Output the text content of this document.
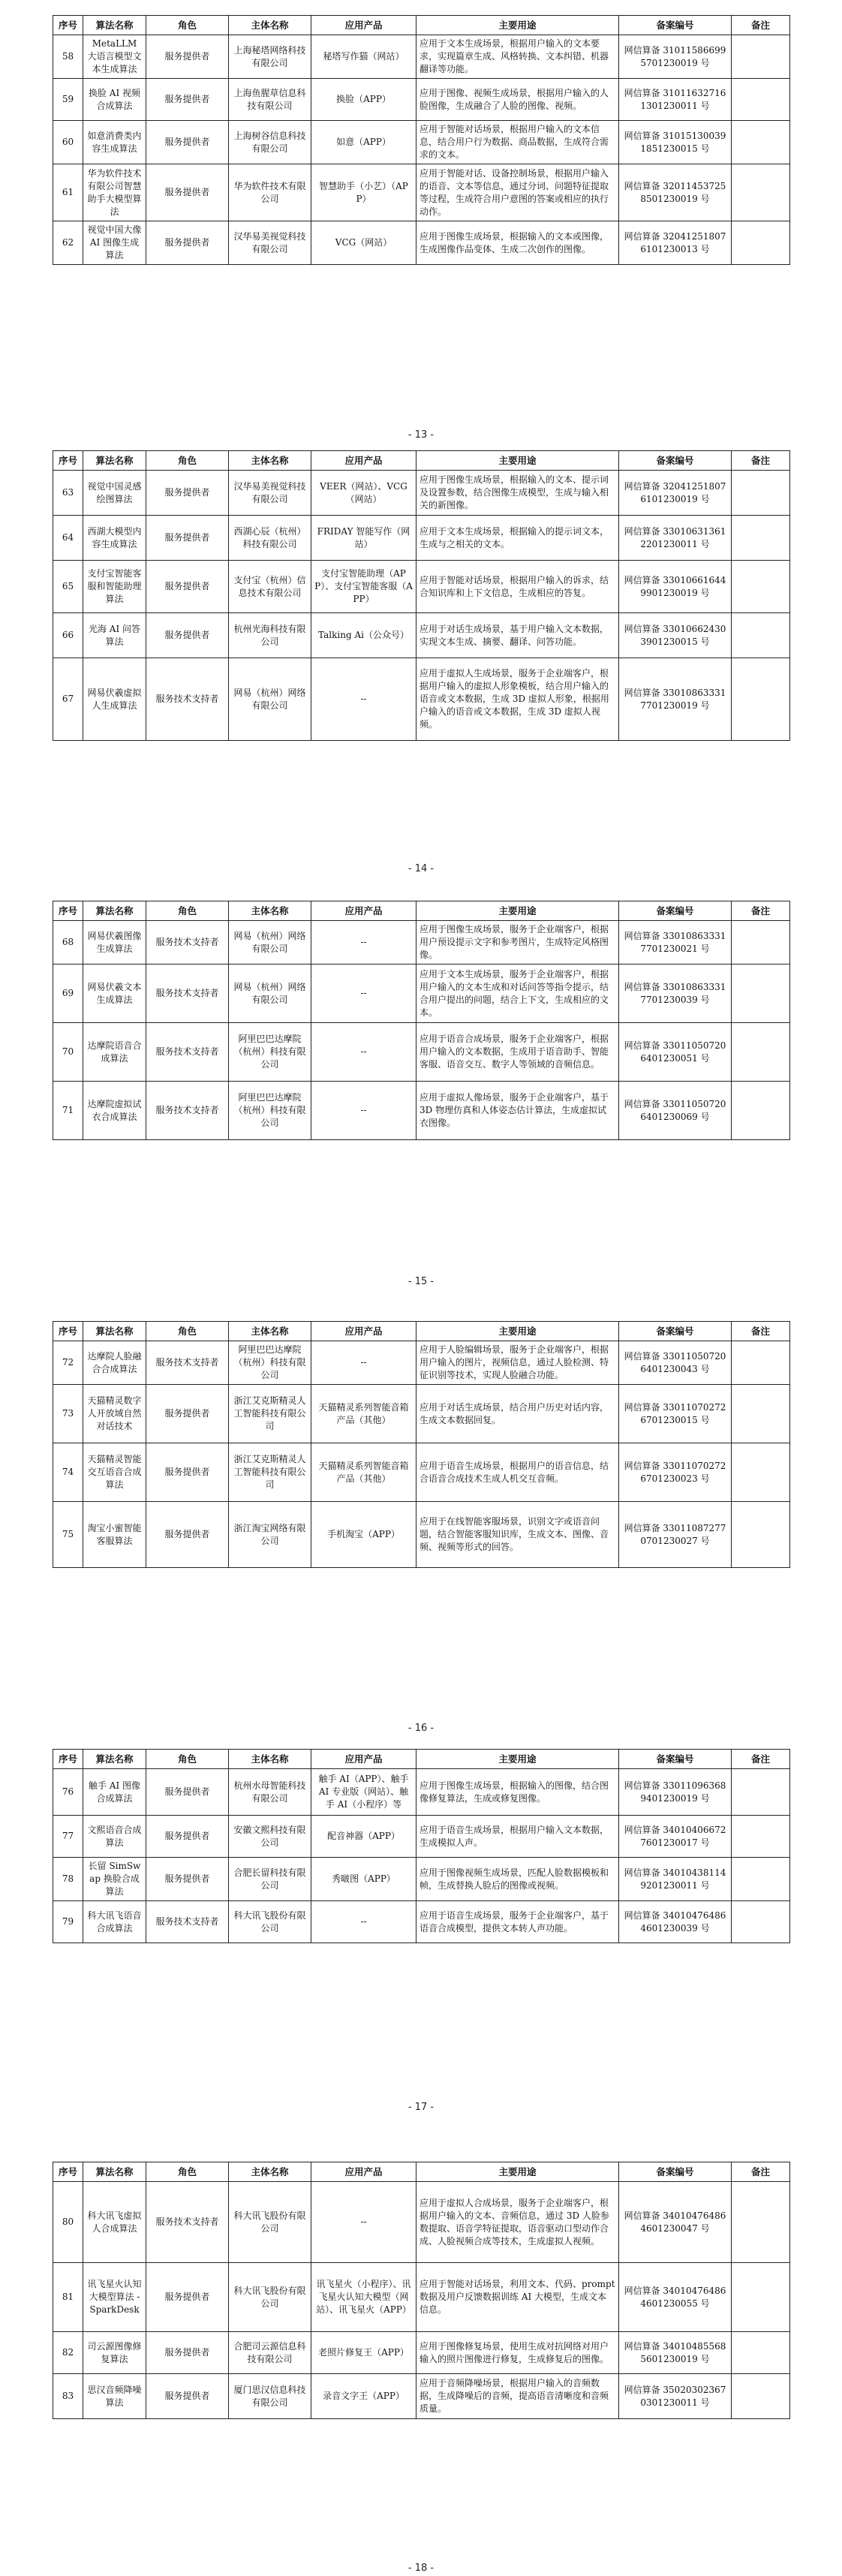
序号	算法名称	角色	主体名称	应用产品	主要用途	备案编号	备注
58	MetaLLM 大语言模型文本生成算法	服务提供者	上海秘塔网络科技有限公司	秘塔写作猫（网站）	应用于文本生成场景，根据用户输入的文本要求，实现篇章生成、风格转换、文本纠错、机器翻译等功能。	网信算备 310115866995701230019 号	
59	换脸 AI 视频合成算法	服务提供者	上海鱼腥草信息科技有限公司	换脸（APP）	应用于图像、视频生成场景，根据用户输入的人脸图像，生成融合了人脸的图像、视频。	网信算备 310116327161301230011 号	
60	如意消费类内容生成算法	服务提供者	上海树谷信息科技有限公司	如意（APP）	应用于智能对话场景，根据用户输入的文本信息，结合用户行为数据、商品数据，生成符合需求的文本。	网信算备 310151300391851230015 号	
61	华为软件技术有限公司智慧助手大模型算法	服务提供者	华为软件技术有限公司	智慧助手（小艺）（APP）	应用于智能对话、设备控制场景，根据用户输入的语音、文本等信息，通过分词、问题特征提取等过程，生成符合用户意图的答案或相应的执行动作。	网信算备 320114537258501230019 号	
62	视觉中国大像 AI 图像生成算法	服务提供者	汉华易美视觉科技有限公司	VCG（网站）	应用于图像生成场景，根据输入的文本或图像，生成图像作品变体、生成二次创作的图像。	网信算备 320412518076101230013 号	
- 13 -
序号	算法名称	角色	主体名称	应用产品	主要用途	备案编号	备注
63	视觉中国灵感绘图算法	服务提供者	汉华易美视觉科技有限公司	VEER（网站）、VCG（网站）	应用于图像生成场景，根据输入的文本、提示词及设置参数，结合图像生成模型，生成与输入相关的新图像。	网信算备 320412518076101230019 号	
64	西湖大模型内容生成算法	服务提供者	西湖心辰（杭州）科技有限公司	FRIDAY 智能写作（网站）	应用于文本生成场景，根据输入的提示词文本，生成与之相关的文本。	网信算备 330106313612201230011 号	
65	支付宝智能客服和智能助理算法	服务提供者	支付宝（杭州）信息技术有限公司	支付宝智能助理（APP）、支付宝智能客服（APP）	应用于智能对话场景，根据用户输入的诉求，结合知识库和上下文信息，生成相应的答复。	网信算备 330106616449901230019 号	
66	光海 AI 问答算法	服务提供者	杭州光海科技有限公司	Talking Ai（公众号）	应用于对话生成场景，基于用户输入文本数据，实现文本生成、摘要、翻译、问答功能。	网信算备 330106624303901230015 号	
67	网易伏羲虚拟人生成算法	服务技术支持者	网易（杭州）网络有限公司	--	应用于虚拟人生成场景，服务于企业端客户，根据用户输入的虚拟人形象模板，结合用户输入的语音或文本数据，生成 3D 虚拟人形象，根据用户输入的语音或文本数据，生成 3D 虚拟人视频。	网信算备 330108633317701230019 号	
- 14 -
序号	算法名称	角色	主体名称	应用产品	主要用途	备案编号	备注
68	网易伏羲图像生成算法	服务技术支持者	网易（杭州）网络有限公司	--	应用于图像生成场景，服务于企业端客户，根据用户预设提示文字和参考图片，生成特定风格图像。	网信算备 330108633317701230021 号	
69	网易伏羲文本生成算法	服务技术支持者	网易（杭州）网络有限公司	--	应用于文本生成场景，服务于企业端客户，根据用户输入的文本生成和对话问答等指令提示，结合用户提出的问题，结合上下文，生成相应的文本。	网信算备 330108633317701230039 号	
70	达摩院语音合成算法	服务技术支持者	阿里巴巴达摩院（杭州）科技有限公司	--	应用于语音合成场景，服务于企业端客户，根据用户输入的文本数据，生成用于语音助手、智能客服、语音交互、数字人等领域的音频信息。	网信算备 330110507206401230051 号	
71	达摩院虚拟试衣合成算法	服务技术支持者	阿里巴巴达摩院（杭州）科技有限公司	--	应用于虚拟人像场景，服务于企业端客户，基于 3D 物理仿真和人体姿态估计算法，生成虚拟试衣图像。	网信算备 330110507206401230069 号	
- 15 -
序号	算法名称	角色	主体名称	应用产品	主要用途	备案编号	备注
72	达摩院人脸融合合成算法	服务技术支持者	阿里巴巴达摩院（杭州）科技有限公司	--	应用于人脸编辑场景，服务于企业端客户，根据用户输入的图片，视频信息，通过人脸检测、特征识别等技术，实现人脸融合功能。	网信算备 330110507206401230043 号	
73	天猫精灵数字人开放域自然对话技术	服务提供者	浙江艾克斯精灵人工智能科技有限公司	天猫精灵系列智能音箱产品（其他）	应用于对话生成场景，结合用户历史对话内容，生成文本数据回复。	网信算备 330110702726701230015 号	
74	天猫精灵智能交互语音合成算法	服务提供者	浙江艾克斯精灵人工智能科技有限公司	天猫精灵系列智能音箱产品（其他）	应用于语音生成场景，根据用户的语音信息，结合语音合成技术生成人机交互音频。	网信算备 330110702726701230023 号	
75	淘宝小蜜智能客服算法	服务提供者	浙江淘宝网络有限公司	手机淘宝（APP）	应用于在线智能客服场景，识别文字或语音问题，结合智能客服知识库，生成文本、图像、音频、视频等形式的回答。	网信算备 330110872770701230027 号	
- 16 -
序号	算法名称	角色	主体名称	应用产品	主要用途	备案编号	备注
76	触手 AI 图像合成算法	服务提供者	杭州水母智能科技有限公司	触手 AI（APP）、触手 AI 专业版（网站）、触手 AI（小程序）等	应用于图像生成场景，根据输入的图像，结合图像修复算法，生成或修复图像。	网信算备 330110963689401230019 号	
77	文熙语音合成算法	服务提供者	安徽文熙科技有限公司	配音神器（APP）	应用于语音生成场景，根据用户输入文本数据，生成模拟人声。	网信算备 340104066727601230017 号	
78	长留 SimSwap 换脸合成算法	服务提供者	合肥长留科技有限公司	秀啵图（APP）	应用于图像视频生成场景，匹配人脸数据模板和帧，生成替换人脸后的图像或视频。	网信算备 340104381149201230011 号	
79	科大讯飞语音合成算法	服务技术支持者	科大讯飞股份有限公司	--	应用于语音生成场景，服务于企业端客户，基于语音合成模型，提供文本转人声功能。	网信算备 340104764864601230039 号	
- 17 -
序号	算法名称	角色	主体名称	应用产品	主要用途	备案编号	备注
80	科大讯飞虚拟人合成算法	服务技术支持者	科大讯飞股份有限公司	--	应用于虚拟人合成场景，服务于企业端客户，根据用户输入的文本、音频信息，通过 3D 人脸参数提取、语音学特征提取，语音驱动口型动作合成、人脸视频合成等技术，生成虚拟人视频。	网信算备 340104764864601230047 号	
81	讯飞星火认知大模型算法 -SparkDesk	服务提供者	科大讯飞股份有限公司	讯飞星火（小程序）、讯飞星火认知大模型（网站）、讯飞星火（APP）	应用于智能对话场景，利用文本、代码、prompt 数据及用户反馈数据训练 AI 大模型，生成文本信息。	网信算备 340104764864601230055 号	
82	司云源图像修复算法	服务提供者	合肥司云源信息科技有限公司	老照片修复王（APP）	应用于图像修复场景，使用生成对抗网络对用户输入的照片图像进行修复，生成修复后的图像。	网信算备 340104855685601230019 号	
83	思汉音频降噪算法	服务提供者	厦门思汉信息科技有限公司	录音文字王（APP）	应用于音频降噪场景，根据用户输入的音频数据，生成降噪后的音频，提高语音清晰度和音频质量。	网信算备 350203023670301230011 号	
- 18 -
